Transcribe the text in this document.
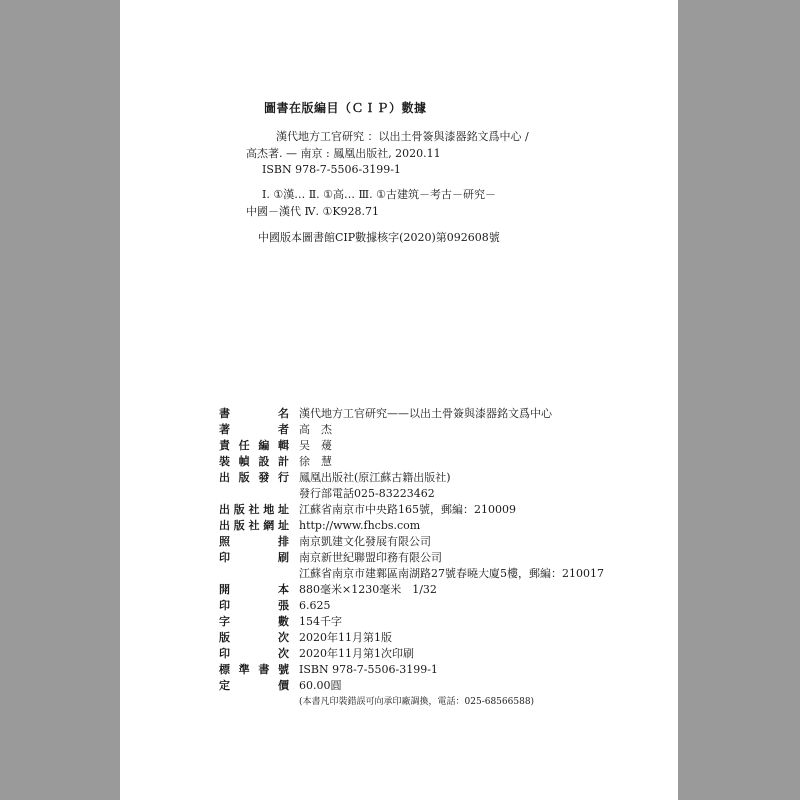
圖書在版編目（ＣＩＰ）數據
漢代地方工官研究 ：以出土骨簽與漆器銘文爲中心 /
高杰著. — 南京 : 鳳凰出版社, 2020.11
ISBN 978-7-5506-3199-1
Ⅰ. ①漢… Ⅱ. ①高… Ⅲ. ①古建筑－考古－研究－
中國－漢代 Ⅳ. ①K928.71
中國版本圖書館CIP數據核字(2020)第092608號
書 名	漢代地方工官研究——以出土骨簽與漆器銘文爲中心

著 者	高　杰

責 任 編 輯	吴　蕿

裝 幀 設 計	徐　慧

出 版 發 行	鳳凰出版社(原江蘇古籍出版社)
	發行部電話025-83223462

出 版 社 地 址	江蘇省南京市中央路165號，郵編：210009

出 版 社 網 址	http://www.fhcbs.com

照 排	南京凱建文化發展有限公司

印 刷	南京新世紀聯盟印務有限公司
	江蘇省南京市建鄴區南湖路27號春曉大廈5樓，郵編：210017

開 本	880毫米×1230毫米　1/32

印 張	6.625

字 數	154千字

版 次	2020年11月第1版

印 次	2020年11月第1次印刷

標 準 書 號	ISBN 978-7-5506-3199-1

定 價	60.00圓
	(本書凡印裝錯誤可向承印廠調換，電話：025-68566588)
